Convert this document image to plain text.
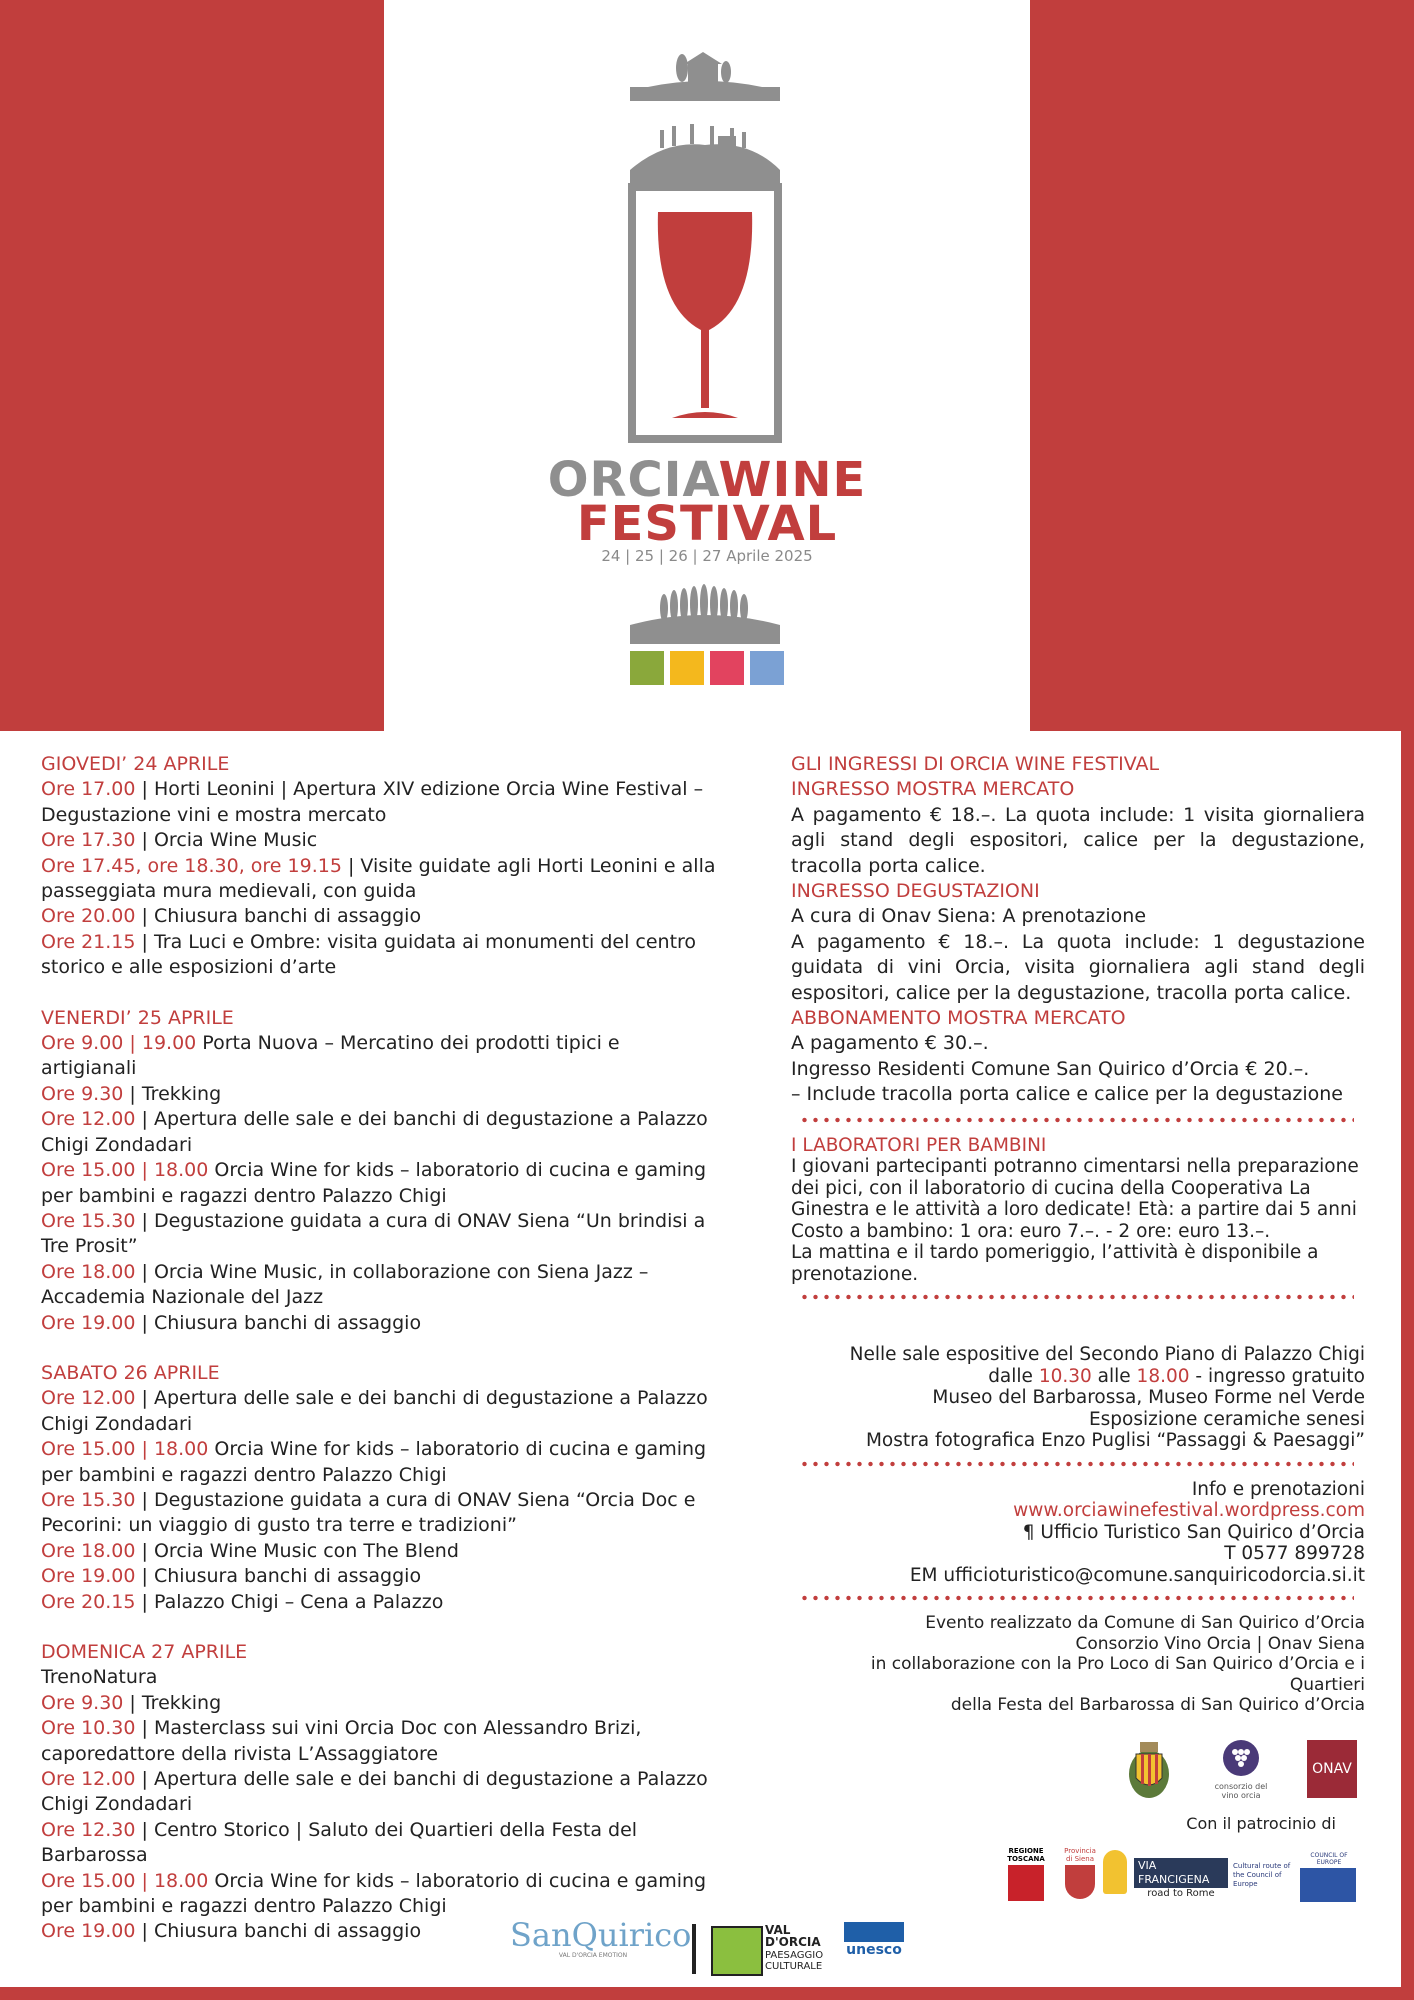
ORCIAWINE
FESTIVAL
24 | 25 | 26 | 27 Aprile 2025
GIOVEDI’ 24 APRILE
Ore 17.00 | Horti Leonini | Apertura XIV edizione Orcia Wine Festival – Degustazione vini e mostra mercato
Ore 17.30 | Orcia Wine Music
Ore 17.45, ore 18.30, ore 19.15 | Visite guidate agli Horti Leonini e alla passeggiata mura medievali, con guida
Ore 20.00 | Chiusura banchi di assaggio
Ore 21.15 | Tra Luci e Ombre: visita guidata ai monumenti del centro storico e alle esposizioni d’arte
VENERDI’ 25 APRILE
Ore 9.00 | 19.00 Porta Nuova – Mercatino dei prodotti tipici e artigianali
Ore 9.30 | Trekking
Ore 12.00 | Apertura delle sale e dei banchi di degustazione a Palazzo Chigi Zondadari
Ore 15.00 | 18.00 Orcia Wine for kids – laboratorio di cucina e gaming per bambini e ragazzi dentro Palazzo Chigi
Ore 15.30 | Degustazione guidata a cura di ONAV Siena “Un brindisi a Tre Prosit”
Ore 18.00 | Orcia Wine Music, in collaborazione con Siena Jazz – Accademia Nazionale del Jazz
Ore 19.00 | Chiusura banchi di assaggio
SABATO 26 APRILE
Ore 12.00 | Apertura delle sale e dei banchi di degustazione a Palazzo Chigi Zondadari
Ore 15.00 | 18.00 Orcia Wine for kids – laboratorio di cucina e gaming per bambini e ragazzi dentro Palazzo Chigi
Ore 15.30 | Degustazione guidata a cura di ONAV Siena “Orcia Doc e Pecorini: un viaggio di gusto tra terre e tradizioni”
Ore 18.00 | Orcia Wine Music con The Blend
Ore 19.00 | Chiusura banchi di assaggio
Ore 20.15 | Palazzo Chigi – Cena a Palazzo
DOMENICA 27 APRILE
TrenoNatura
Ore 9.30 | Trekking
Ore 10.30 | Masterclass sui vini Orcia Doc con Alessandro Brizi, caporedattore della rivista L’Assaggiatore
Ore 12.00 | Apertura delle sale e dei banchi di degustazione a Palazzo Chigi Zondadari
Ore 12.30 | Centro Storico | Saluto dei Quartieri della Festa del Barbarossa
Ore 15.00 | 18.00 Orcia Wine for kids – laboratorio di cucina e gaming per bambini e ragazzi dentro Palazzo Chigi
Ore 19.00 | Chiusura banchi di assaggio
GLI INGRESSI DI ORCIA WINE FESTIVAL
INGRESSO MOSTRA MERCATO
A pagamento € 18.–. La quota include: 1 visita giornaliera agli stand degli espositori, calice per la degustazione, tracolla porta calice.
INGRESSO DEGUSTAZIONI
A cura di Onav Siena: A prenotazione
A pagamento € 18.–. La quota include: 1 degustazione guidata di vini Orcia, visita giornaliera agli stand degli espositori, calice per la degustazione, tracolla porta calice.
ABBONAMENTO MOSTRA MERCATO
A pagamento € 30.–.
Ingresso Residenti Comune San Quirico d’Orcia € 20.–.
– Include tracolla porta calice e calice per la degustazione
I LABORATORI PER BAMBINI
I giovani partecipanti potranno cimentarsi nella preparazione dei pici, con il laboratorio di cucina della Cooperativa La Ginestra e le attività a loro dedicate! Età: a partire dai 5 anni
Costo a bambino: 1 ora: euro 7.–. - 2 ore: euro 13.–.
La mattina e il tardo pomeriggio, l’attività è disponibile a prenotazione.
Nelle sale espositive del Secondo Piano di Palazzo Chigi
dalle 10.30 alle 18.00 - ingresso gratuito
Museo del Barbarossa, Museo Forme nel Verde
Esposizione ceramiche senesi
Mostra fotografica Enzo Puglisi “Passaggi & Paesaggi”
Info e prenotazioni
www.orciawinefestival.wordpress.com
¶ Ufficio Turistico San Quirico d’Orcia
T 0577 899728
EM ufficioturistico@comune.sanquiricodorcia.si.it
Evento realizzato da Comune di San Quirico d’Orcia
Consorzio Vino Orcia | Onav Siena
in collaborazione con la Pro Loco di San Quirico d’Orcia e i Quartieri
della Festa del Barbarossa di San Quirico d’Orcia
consorzio del vino orcia
ONAV
Con il patrocinio di
REGIONE TOSCANA
Provincia di Siena	VIA
FRANCIGENA
road to Rome
Cultural route of the Council of Europe
COUNCIL OF EUROPE
SanQuirico
VAL D'ORCIA EMOTION
VAL
D'ORCIA
PAESAGGIO
CULTURALE
unesco
